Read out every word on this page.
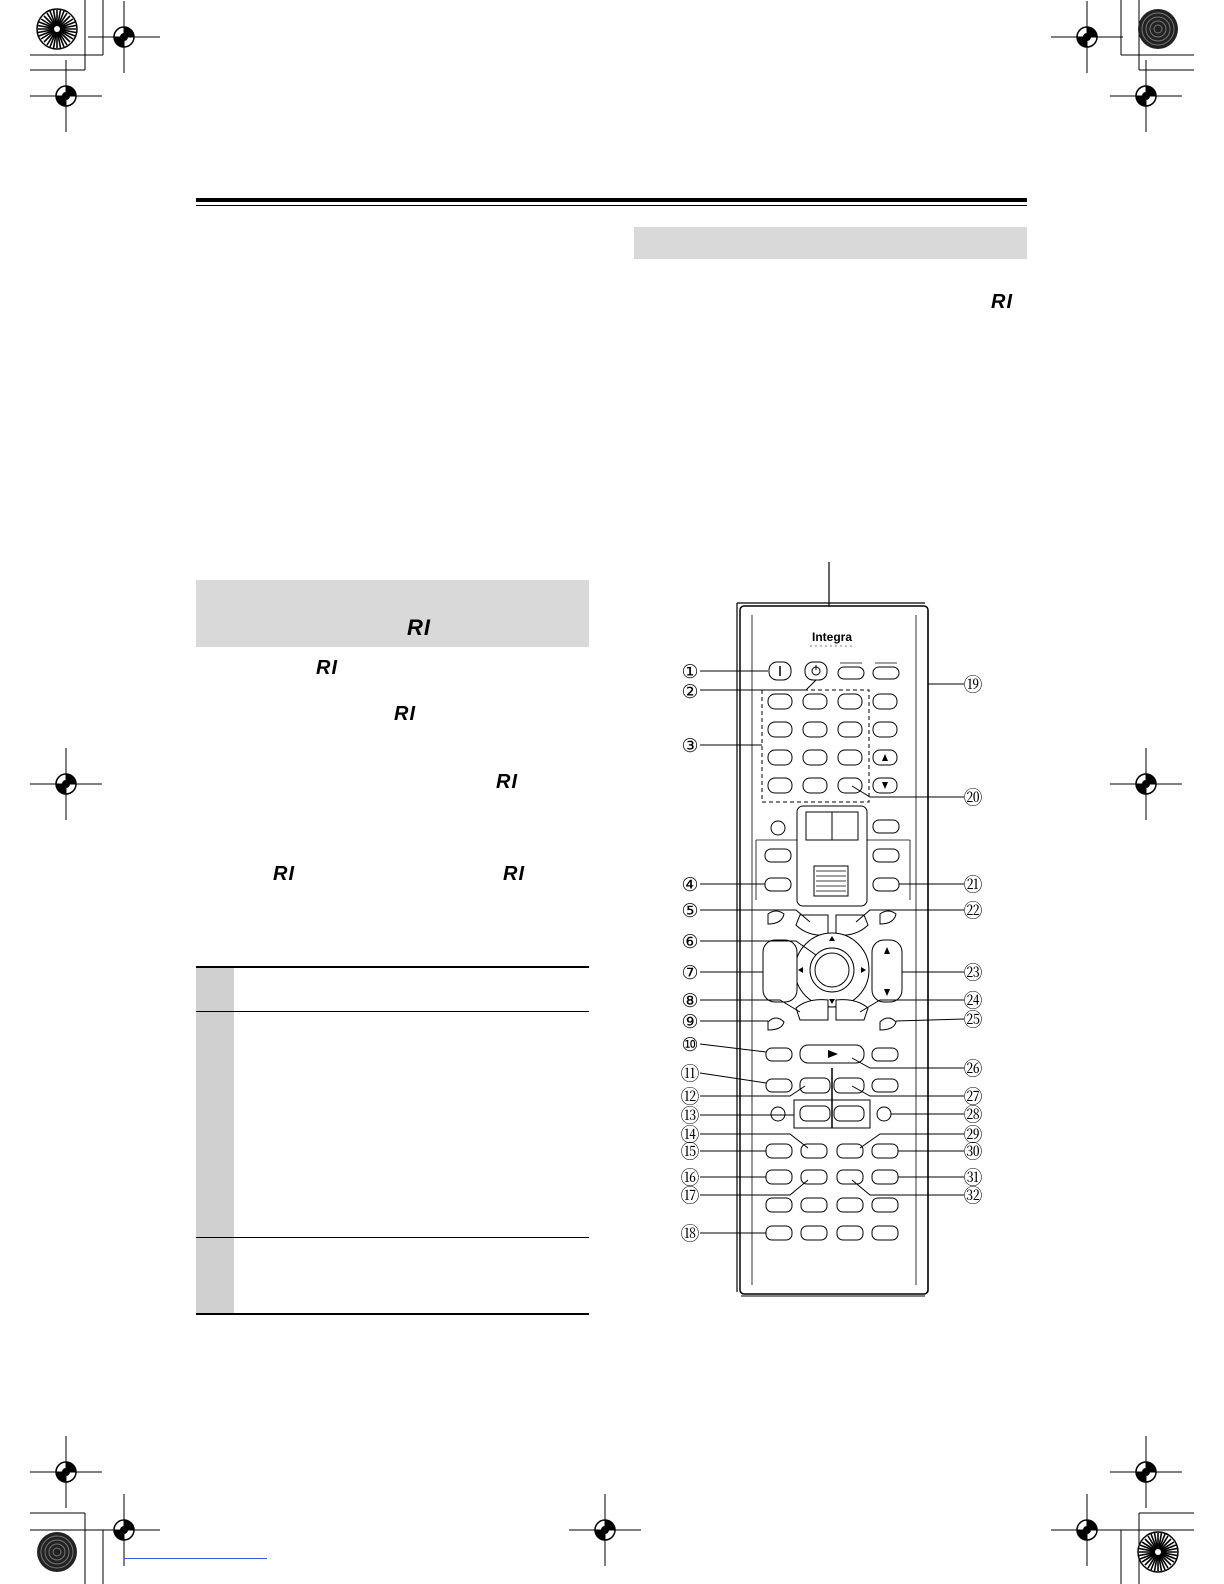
RI
RI
RI
RI
RI
RI	RI
Integra
①
②
③
④
⑤
⑥
⑦
⑧
⑨
⑩
⑪
⑫
⑬
⑭
⑮
⑯
⑰
⑱
⑲
⑳
㉑
㉒
㉓
㉔
㉕
㉖
㉗
㉘
㉙
㉚
㉛
㉜
